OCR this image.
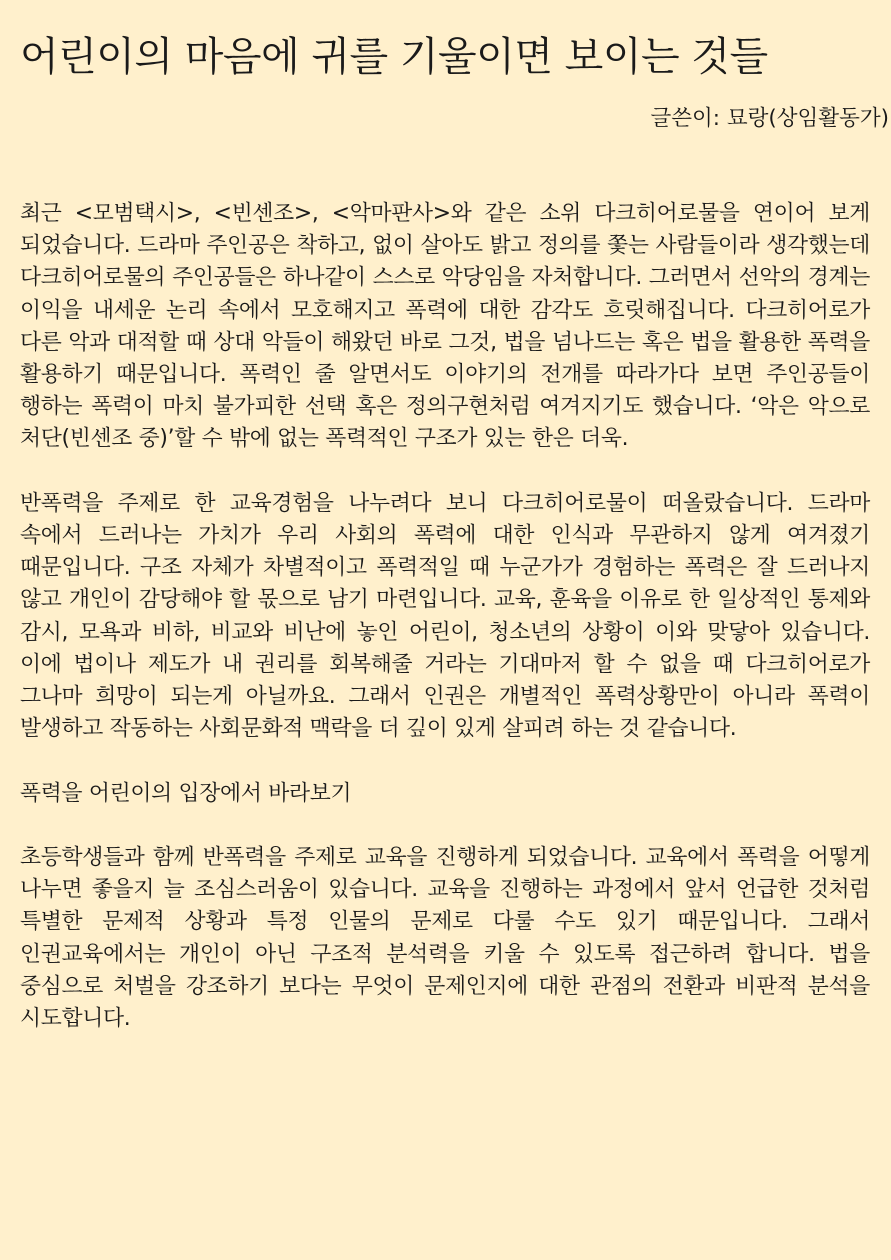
어린이의 마음에 귀를 기울이면 보이는 것들
글쓴이: 묘랑(상임활동가)

최근 <모범택시>, <빈센조>, <악마판사>와 같은 소위 다크히어로물을 연이어 보게 되었습니다. 드라마 주인공은 착하고, 없이 살아도 밝고 정의를 쫓는 사람들이라 생각했는데 다크히어로물의 주인공들은 하나같이 스스로 악당임을 자처합니다. 그러면서 선악의 경계는 이익을 내세운 논리 속에서 모호해지고 폭력에 대한 감각도 흐릿해집니다. 다크히어로가 다른 악과 대적할 때 상대 악들이 해왔던 바로 그것, 법을 넘나드는 혹은 법을 활용한 폭력을 활용하기 때문입니다. 폭력인 줄 알면서도 이야기의 전개를 따라가다 보면 주인공들이 행하는 폭력이 마치 불가피한 선택 혹은 정의구현처럼 여겨지기도 했습니다. ‘악은 악으로 처단(빈센조 중)’할 수 밖에 없는 폭력적인 구조가 있는 한은 더욱.

반폭력을 주제로 한 교육경험을 나누려다 보니 다크히어로물이 떠올랐습니다. 드라마 속에서 드러나는 가치가 우리 사회의 폭력에 대한 인식과 무관하지 않게 여겨졌기 때문입니다. 구조 자체가 차별적이고 폭력적일 때 누군가가 경험하는 폭력은 잘 드러나지 않고 개인이 감당해야 할 몫으로 남기 마련입니다. 교육, 훈육을 이유로 한 일상적인 통제와 감시, 모욕과 비하, 비교와 비난에 놓인 어린이, 청소년의 상황이 이와 맞닿아 있습니다. 이에 법이나 제도가 내 권리를 회복해줄 거라는 기대마저 할 수 없을 때 다크히어로가 그나마 희망이 되는게 아닐까요. 그래서 인권은 개별적인 폭력상황만이 아니라 폭력이 발생하고 작동하는 사회문화적 맥락을 더 깊이 있게 살피려 하는 것 같습니다.

폭력을 어린이의 입장에서 바라보기

초등학생들과 함께 반폭력을 주제로 교육을 진행하게 되었습니다. 교육에서 폭력을 어떻게 나누면 좋을지 늘 조심스러움이 있습니다. 교육을 진행하는 과정에서 앞서 언급한 것처럼 특별한 문제적 상황과 특정 인물의 문제로 다룰 수도 있기 때문입니다. 그래서 인권교육에서는 개인이 아닌 구조적 분석력을 키울 수 있도록 접근하려 합니다. 법을 중심으로 처벌을 강조하기 보다는 무엇이 문제인지에 대한 관점의 전환과 비판적 분석을 시도합니다.
